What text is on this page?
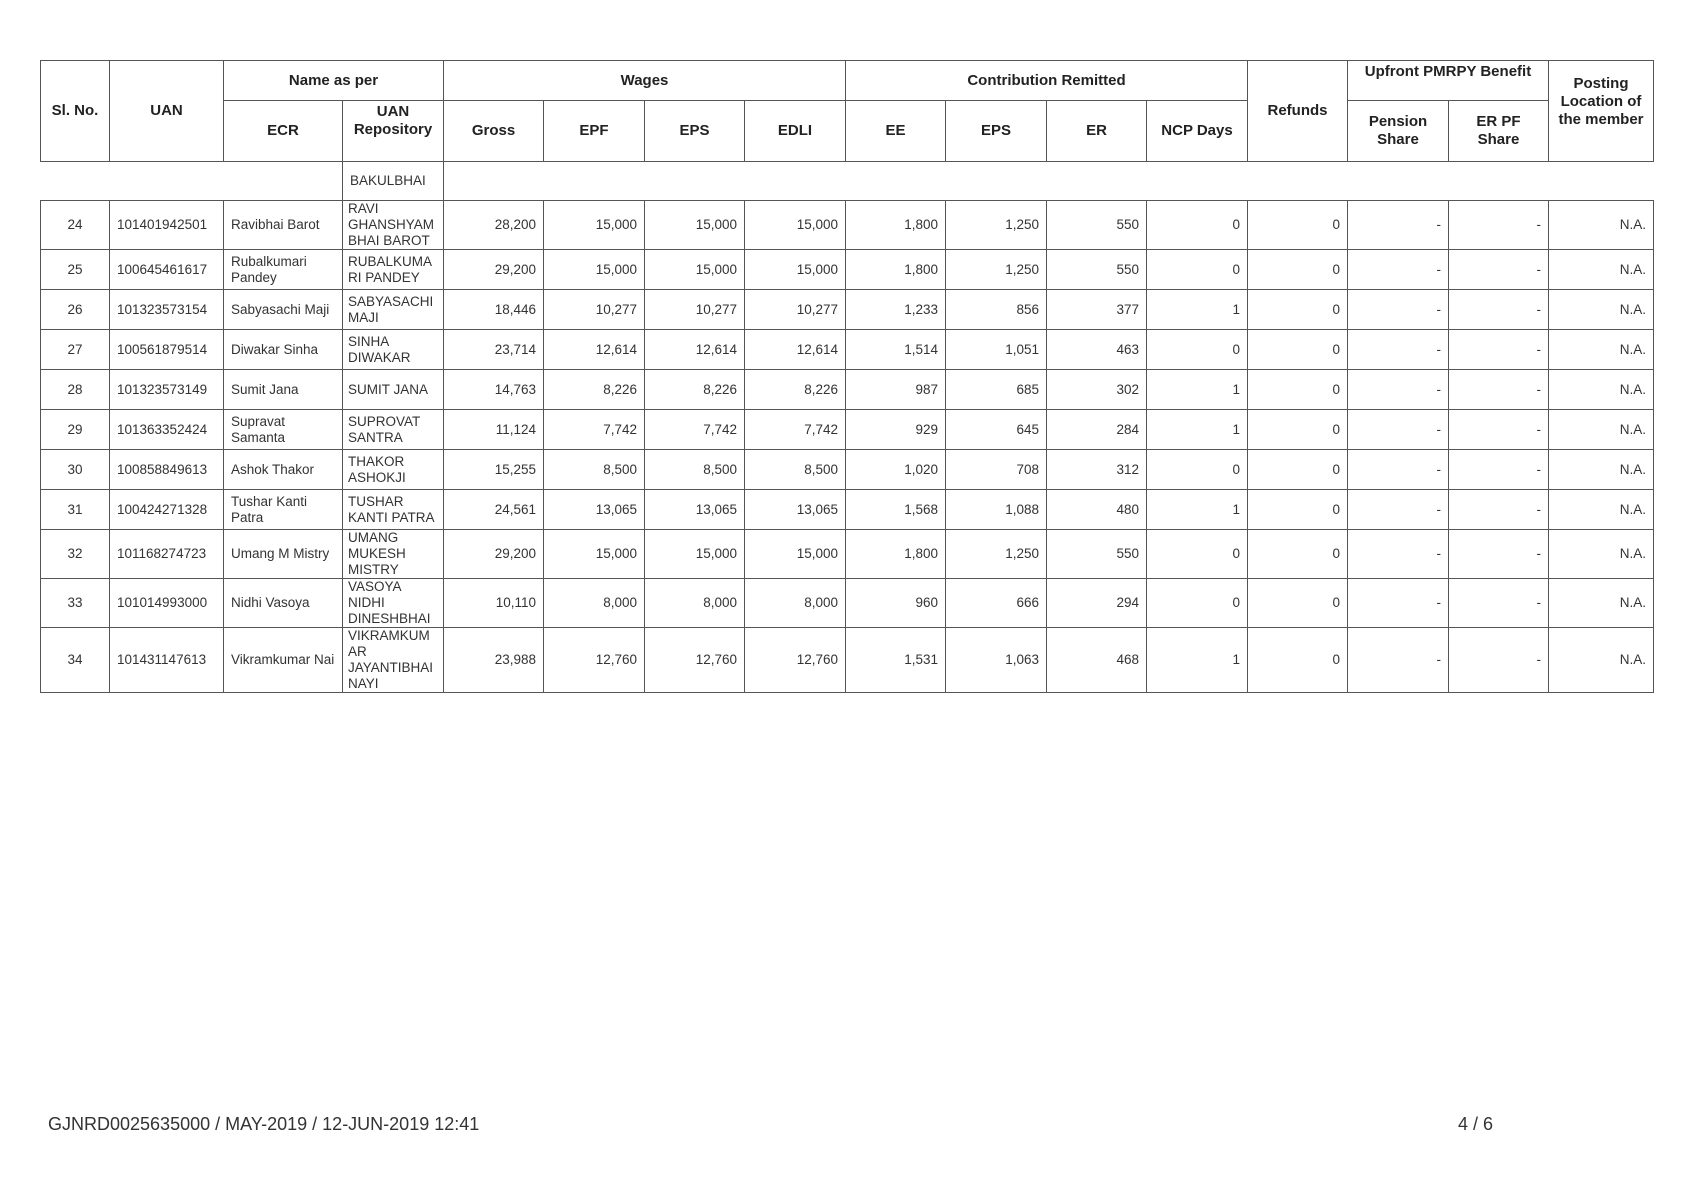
Sl. No.	UAN	Name as per		Wages				Contribution Remitted				Refunds	Upfront PMRPY Benefit		Posting Location of the member
		ECR	UAN Repository	Gross	EPF	EPS	EDLI	EE	EPS	ER	NCP Days		Pension Share	ER PF Share	
			BAKULBHAI												
24	101401942501	Ravibhai Barot	RAVI GHANSHYAM BHAI BAROT	28,200	15,000	15,000	15,000	1,800	1,250	550	0	0	-	-	N.A.
25	100645461617	Rubalkumari Pandey	RUBALKUMA RI PANDEY	29,200	15,000	15,000	15,000	1,800	1,250	550	0	0	-	-	N.A.
26	101323573154	Sabyasachi Maji	SABYASACHI MAJI	18,446	10,277	10,277	10,277	1,233	856	377	1	0	-	-	N.A.
27	100561879514	Diwakar Sinha	SINHA DIWAKAR	23,714	12,614	12,614	12,614	1,514	1,051	463	0	0	-	-	N.A.
28	101323573149	Sumit Jana	SUMIT JANA	14,763	8,226	8,226	8,226	987	685	302	1	0	-	-	N.A.
29	101363352424	Supravat Samanta	SUPROVAT SANTRA	11,124	7,742	7,742	7,742	929	645	284	1	0	-	-	N.A.
30	100858849613	Ashok Thakor	THAKOR ASHOKJI	15,255	8,500	8,500	8,500	1,020	708	312	0	0	-	-	N.A.
31	100424271328	Tushar Kanti Patra	TUSHAR KANTI PATRA	24,561	13,065	13,065	13,065	1,568	1,088	480	1	0	-	-	N.A.
32	101168274723	Umang M Mistry	UMANG MUKESH MISTRY	29,200	15,000	15,000	15,000	1,800	1,250	550	0	0	-	-	N.A.
33	101014993000	Nidhi Vasoya	VASOYA NIDHI DINESHBHAI	10,110	8,000	8,000	8,000	960	666	294	0	0	-	-	N.A.
34	101431147613	Vikramkumar Nai	VIKRAMKUM AR JAYANTIBHAI NAYI	23,988	12,760	12,760	12,760	1,531	1,063	468	1	0	-	-	N.A.
GJNRD0025635000 / MAY-2019 / 12-JUN-2019 12:41	4 / 6
